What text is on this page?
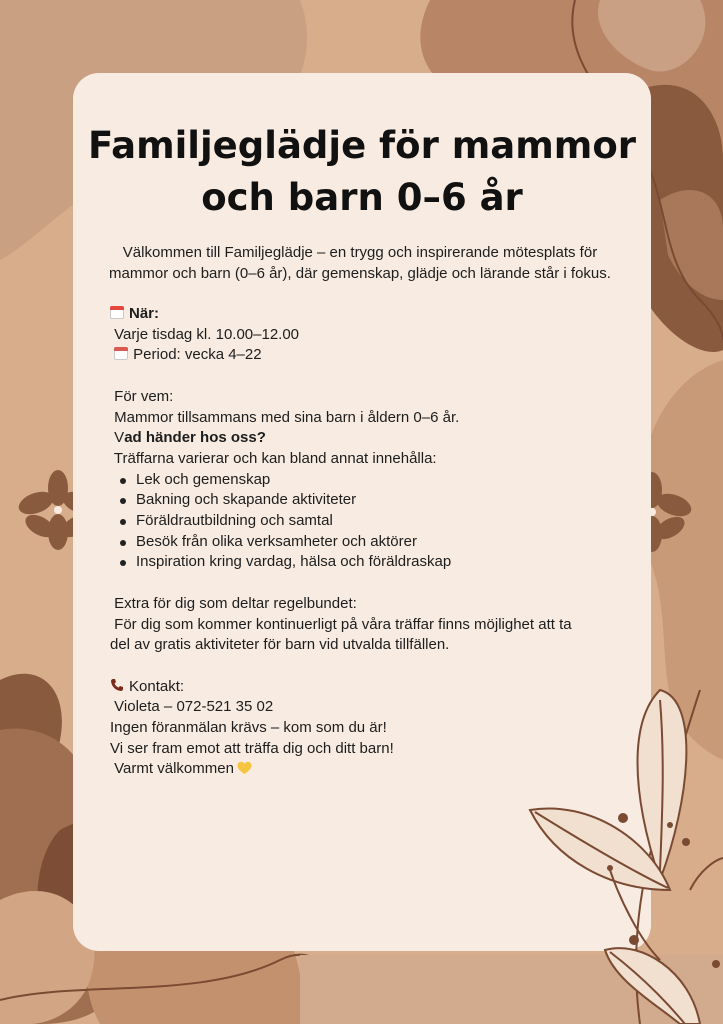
Familjeglädje för mammor
och barn 0–6 år

Välkommen till Familjeglädje – en trygg och inspirerande mötesplats för mammor och barn (0–6 år), där gemenskap, glädje och lärande står i fokus.

När:
Varje tisdag kl. 10.00–12.00
Period: vecka 4–22
För vem:
Mammor tillsammans med sina barn i åldern 0–6 år.
Vad händer hos oss?
Träffarna varierar och kan bland annat innehålla:
Lek och gemenskap
Bakning och skapande aktiviteter
Föräldrautbildning och samtal
Besök från olika verksamheter och aktörer
Inspiration kring vardag, hälsa och föräldraskap
Extra för dig som deltar regelbundet:
För dig som kommer kontinuerligt på våra träffar finns möjlighet att ta
del av gratis aktiviteter för barn vid utvalda tillfällen.
Kontakt:
Violeta – 072-521 35 02
Ingen föranmälan krävs – kom som du är!
Vi ser fram emot att träffa dig och ditt barn!
Varmt välkommen
